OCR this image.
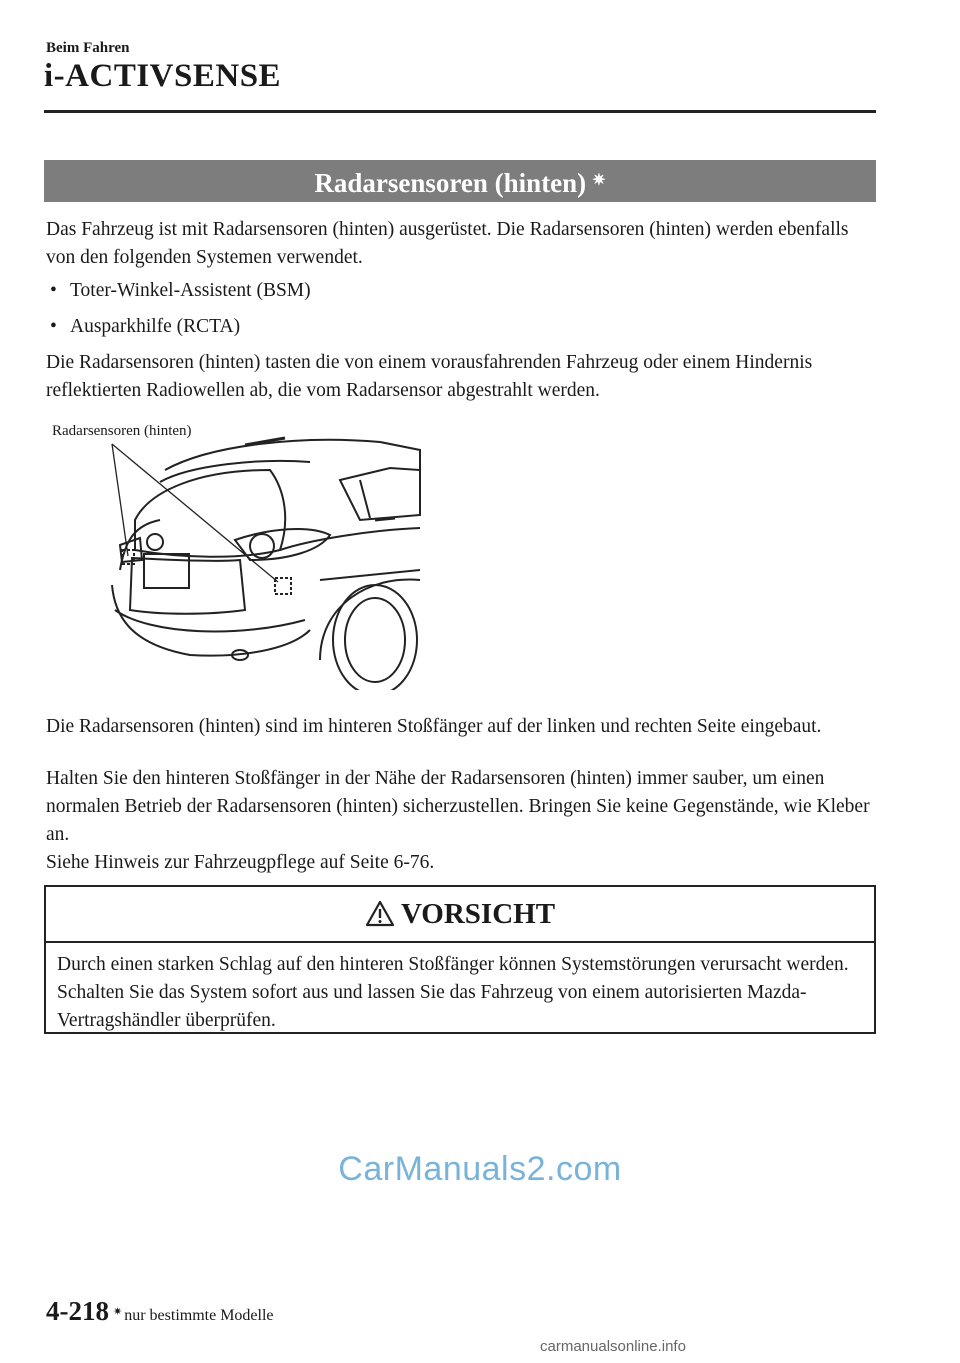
Beim Fahren
i-ACTIVSENSE
Radarsensoren (hinten) ✷
Das Fahrzeug ist mit Radarsensoren (hinten) ausgerüstet. Die Radarsensoren (hinten) werden ebenfalls von den folgenden Systemen verwendet.
• Toter-Winkel-Assistent (BSM)
• Ausparkhilfe (RCTA)
Die Radarsensoren (hinten) tasten die von einem vorausfahrenden Fahrzeug oder einem Hindernis reflektierten Radiowellen ab, die vom Radarsensor abgestrahlt werden.
Radarsensoren (hinten)
Die Radarsensoren (hinten) sind im hinteren Stoßfänger auf der linken und rechten Seite eingebaut.
Halten Sie den hinteren Stoßfänger in der Nähe der Radarsensoren (hinten) immer sauber, um einen normalen Betrieb der Radarsensoren (hinten) sicherzustellen. Bringen Sie keine Gegenstände, wie Kleber an.
Siehe Hinweis zur Fahrzeugpflege auf Seite 6-76.
VORSICHT
Durch einen starken Schlag auf den hinteren Stoßfänger können Systemstörungen verursacht werden. Schalten Sie das System sofort aus und lassen Sie das Fahrzeug von einem autorisierten Mazda-Vertragshändler überprüfen.
CarManuals2.com
4-218 ✷ nur bestimmte Modelle
carmanualsonline.info
